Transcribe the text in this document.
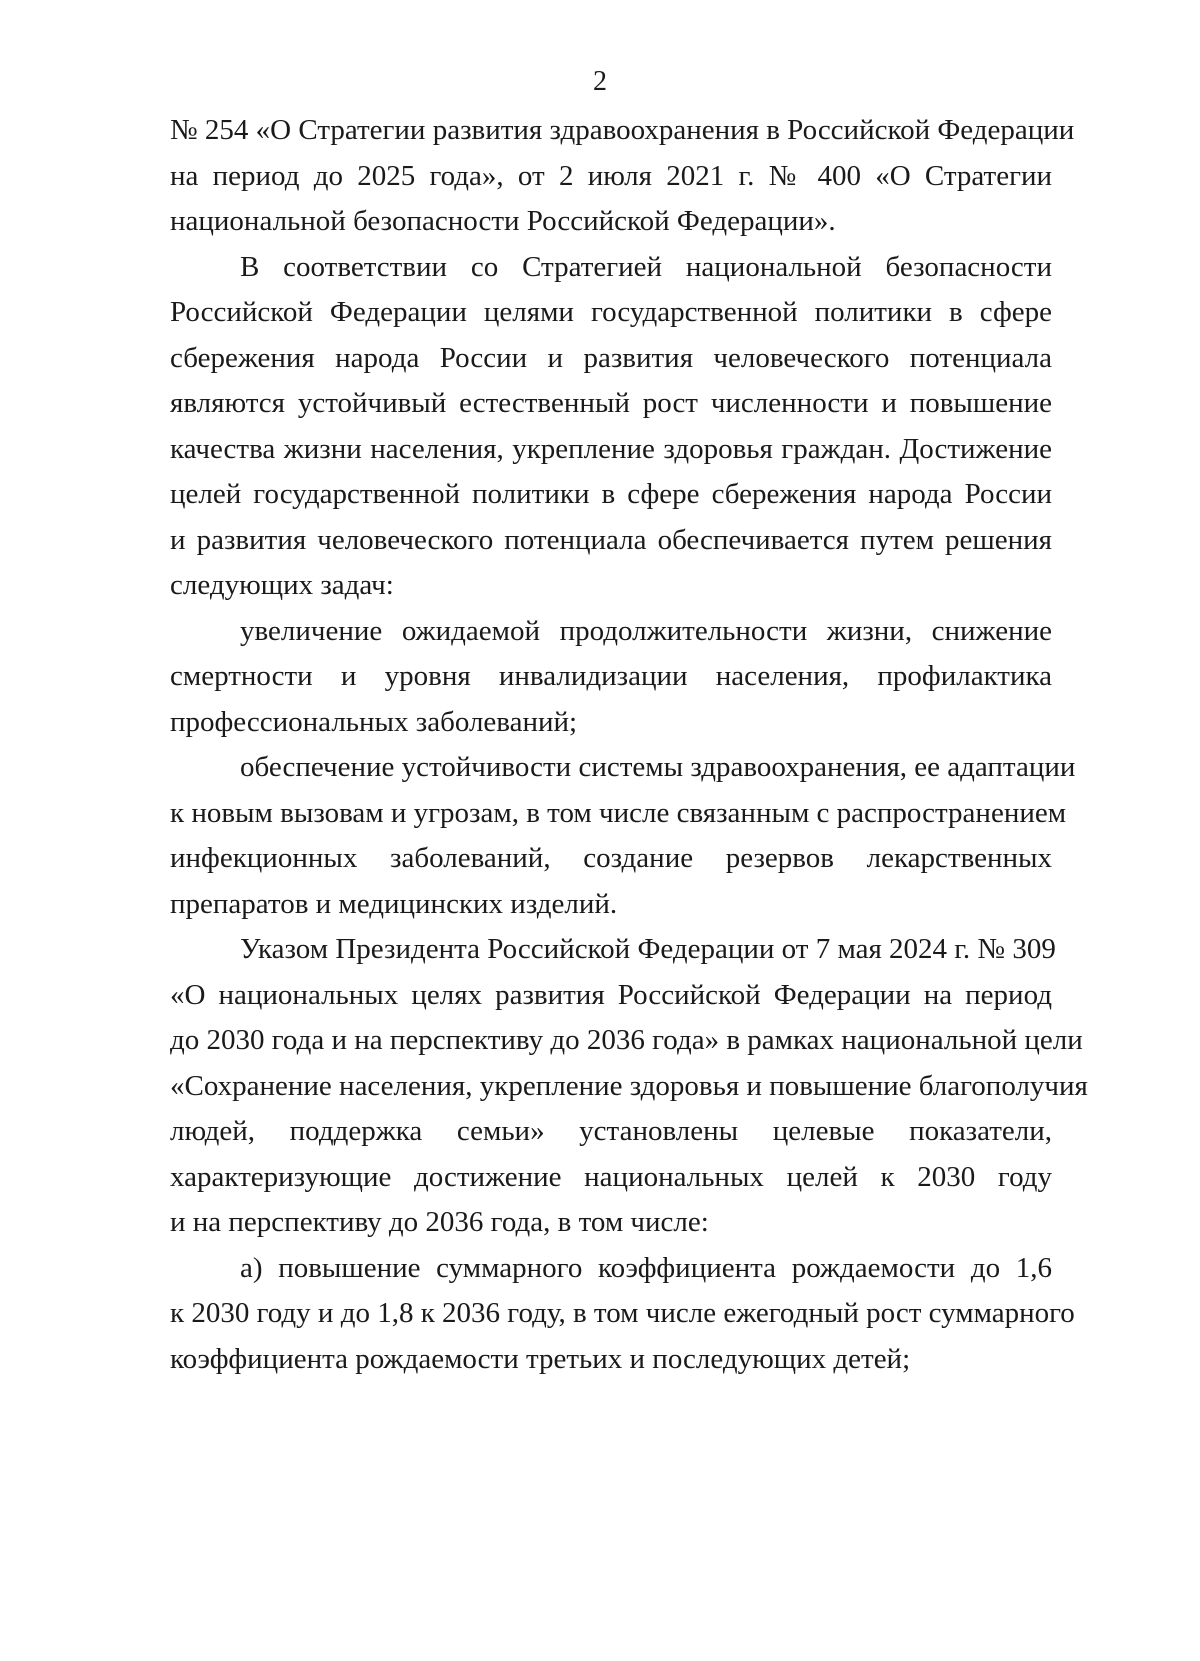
2

№ 254 «О Стратегии развития здравоохранения в Российской Федерации
на период до 2025 года», от 2 июля 2021 г. № 400 «О Стратегии
национальной безопасности Российской Федерации».

В соответствии со Стратегией национальной безопасности
Российской Федерации целями государственной политики в сфере
сбережения народа России и развития человеческого потенциала
являются устойчивый естественный рост численности и повышение
качества жизни населения, укрепление здоровья граждан. Достижение
целей государственной политики в сфере сбережения народа России
и развития человеческого потенциала обеспечивается путем решения
следующих задач:

увеличение ожидаемой продолжительности жизни, снижение
смертности и уровня инвалидизации населения, профилактика
профессиональных заболеваний;

обеспечение устойчивости системы здравоохранения, ее адаптации
к новым вызовам и угрозам, в том числе связанным с распространением
инфекционных заболеваний, создание резервов лекарственных
препаратов и медицинских изделий.

Указом Президента Российской Федерации от 7 мая 2024 г. № 309
«О национальных целях развития Российской Федерации на период
до 2030 года и на перспективу до 2036 года» в рамках национальной цели
«Сохранение населения, укрепление здоровья и повышение благополучия
людей, поддержка семьи» установлены целевые показатели,
характеризующие достижение национальных целей к 2030 году
и на перспективу до 2036 года, в том числе:

а) повышение суммарного коэффициента рождаемости до 1,6
к 2030 году и до 1,8 к 2036 году, в том числе ежегодный рост суммарного
коэффициента рождаемости третьих и последующих детей;
